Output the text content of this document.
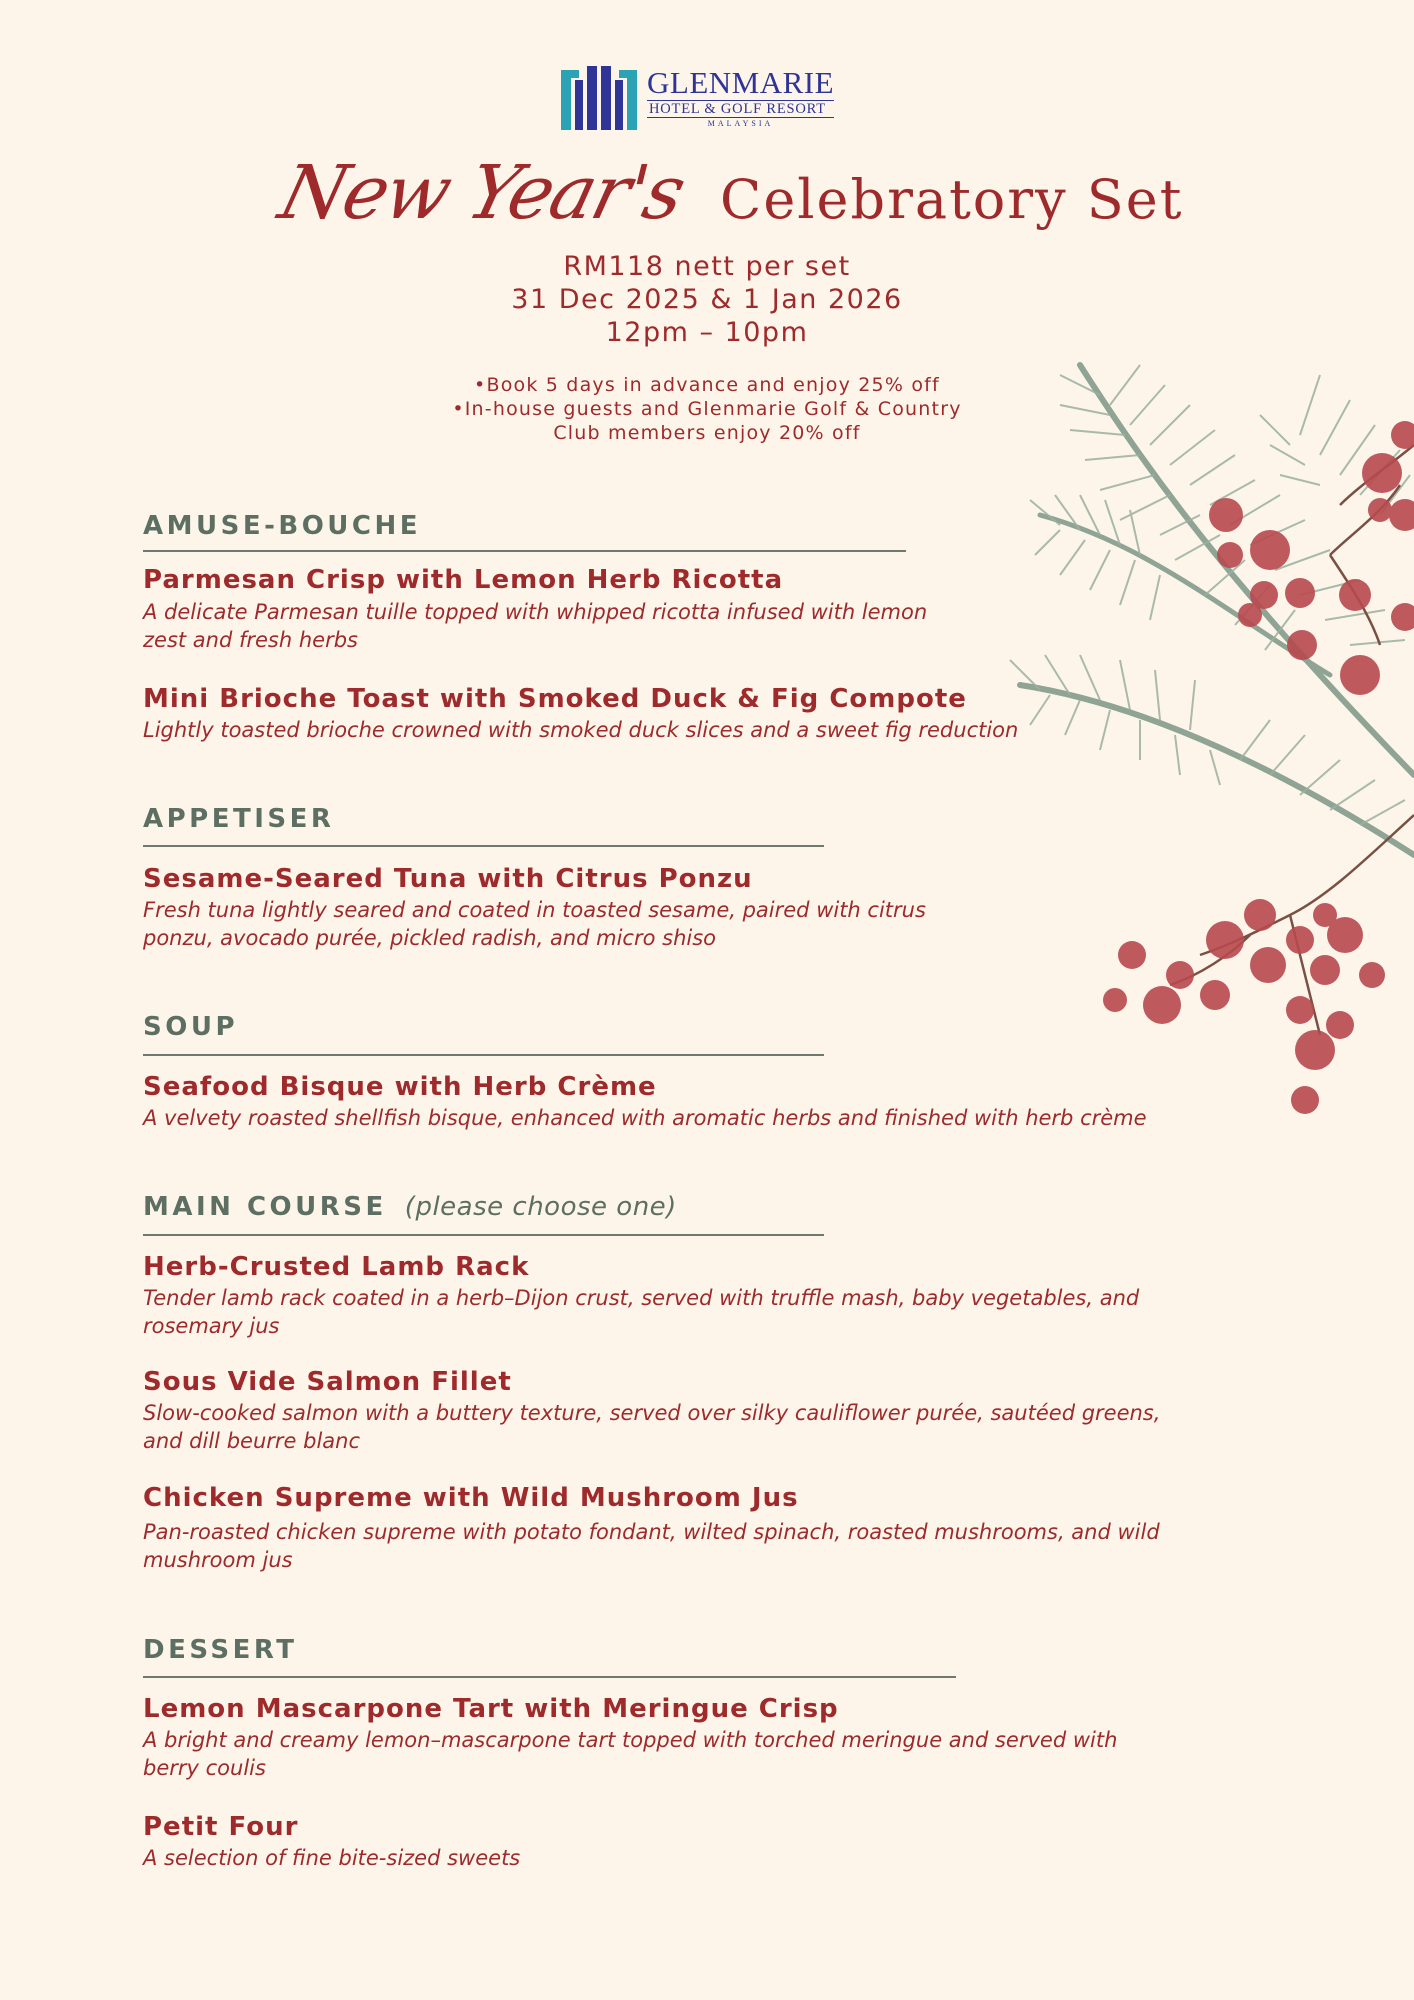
GLENMARIE
HOTEL & GOLF RESORT
MALAYSIA
New Year's Celebratory Set
RM118 nett per set
31 Dec 2025 & 1 Jan 2026
12pm – 10pm
•Book 5 days in advance and enjoy 25% off
•In-house guests and Glenmarie Golf & Country
Club members enjoy 20% off
AMUSE-BOUCHE
Parmesan Crisp with Lemon Herb Ricotta
A delicate Parmesan tuille topped with whipped ricotta infused with lemon
zest and fresh herbs
Mini Brioche Toast with Smoked Duck & Fig Compote
Lightly toasted brioche crowned with smoked duck slices and a sweet fig reduction
APPETISER
Sesame-Seared Tuna with Citrus Ponzu
Fresh tuna lightly seared and coated in toasted sesame, paired with citrus
ponzu, avocado purée, pickled radish, and micro shiso
SOUP
Seafood Bisque with Herb Crème
A velvety roasted shellfish bisque, enhanced with aromatic herbs and finished with herb crème
MAIN COURSE (please choose one)
Herb-Crusted Lamb Rack
Tender lamb rack coated in a herb–Dijon crust, served with truffle mash, baby vegetables, and
rosemary jus
Sous Vide Salmon Fillet
Slow-cooked salmon with a buttery texture, served over silky cauliflower purée, sautéed greens,
and dill beurre blanc
Chicken Supreme with Wild Mushroom Jus
Pan-roasted chicken supreme with potato fondant, wilted spinach, roasted mushrooms, and wild
mushroom jus
DESSERT
Lemon Mascarpone Tart with Meringue Crisp
A bright and creamy lemon–mascarpone tart topped with torched meringue and served with
berry coulis
Petit Four
A selection of fine bite-sized sweets
